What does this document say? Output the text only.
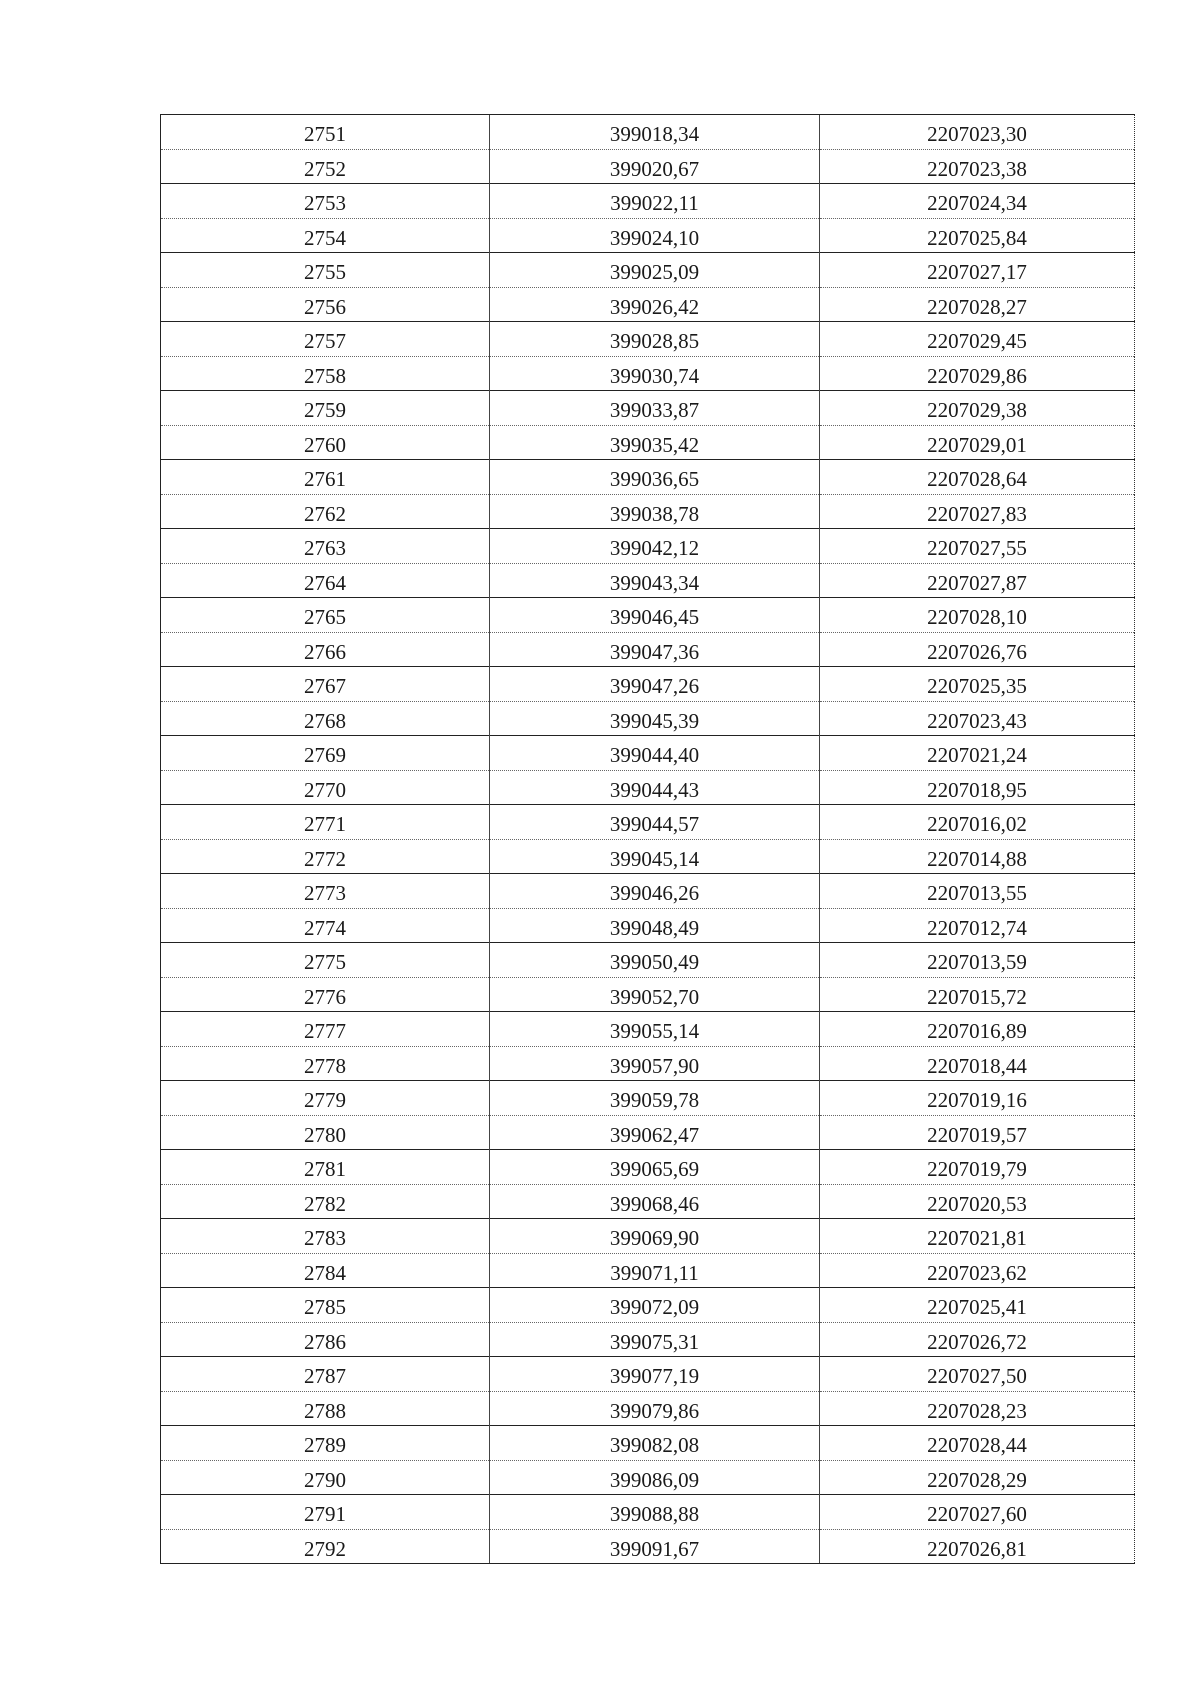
2751	399018,34	2207023,30
2752	399020,67	2207023,38
2753	399022,11	2207024,34
2754	399024,10	2207025,84
2755	399025,09	2207027,17
2756	399026,42	2207028,27
2757	399028,85	2207029,45
2758	399030,74	2207029,86
2759	399033,87	2207029,38
2760	399035,42	2207029,01
2761	399036,65	2207028,64
2762	399038,78	2207027,83
2763	399042,12	2207027,55
2764	399043,34	2207027,87
2765	399046,45	2207028,10
2766	399047,36	2207026,76
2767	399047,26	2207025,35
2768	399045,39	2207023,43
2769	399044,40	2207021,24
2770	399044,43	2207018,95
2771	399044,57	2207016,02
2772	399045,14	2207014,88
2773	399046,26	2207013,55
2774	399048,49	2207012,74
2775	399050,49	2207013,59
2776	399052,70	2207015,72
2777	399055,14	2207016,89
2778	399057,90	2207018,44
2779	399059,78	2207019,16
2780	399062,47	2207019,57
2781	399065,69	2207019,79
2782	399068,46	2207020,53
2783	399069,90	2207021,81
2784	399071,11	2207023,62
2785	399072,09	2207025,41
2786	399075,31	2207026,72
2787	399077,19	2207027,50
2788	399079,86	2207028,23
2789	399082,08	2207028,44
2790	399086,09	2207028,29
2791	399088,88	2207027,60
2792	399091,67	2207026,81
